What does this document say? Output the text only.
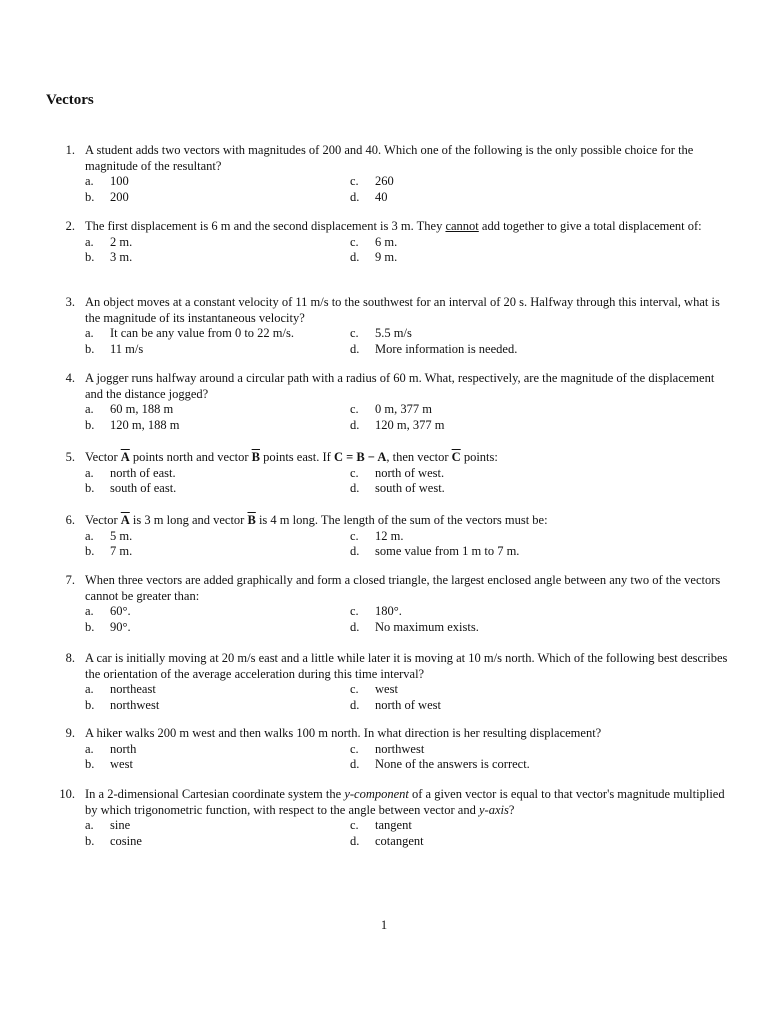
Vectors
1. A student adds two vectors with magnitudes of 200 and 40. Which one of the following is the only possible choice for the magnitude of the resultant?
a. 100	c. 260
b. 200	d. 40
2. The first displacement is 6 m and the second displacement is 3 m. They cannot add together to give a total displacement of:
a. 2 m.	c. 6 m.
b. 3 m.	d. 9 m.
3. An object moves at a constant velocity of 11 m/s to the southwest for an interval of 20 s. Halfway through this interval, what is the magnitude of its instantaneous velocity?
a. It can be any value from 0 to 22 m/s.	c. 5.5 m/s
b. 11 m/s	d. More information is needed.
4. A jogger runs halfway around a circular path with a radius of 60 m. What, respectively, are the magnitude of the displacement and the distance jogged?
a. 60 m, 188 m	c. 0 m, 377 m
b. 120 m, 188 m	d. 120 m, 377 m
5. Vector $\overline{A}$ points north and vector $\overline{B}$ points east. If C = B − A, then vector $\overline{C}$ points:
a. north of east.	c. north of west.
b. south of east.	d. south of west.
6. Vector $\overline{A}$ is 3 m long and vector $\overline{B}$ is 4 m long. The length of the sum of the vectors must be:
a. 5 m.	c. 12 m.
b. 7 m.	d. some value from 1 m to 7 m.
7. When three vectors are added graphically and form a closed triangle, the largest enclosed angle between any two of the vectors cannot be greater than:
a. 60°.	c. 180°.
b. 90°.	d. No maximum exists.
8. A car is initially moving at 20 m/s east and a little while later it is moving at 10 m/s north. Which of the following best describes the orientation of the average acceleration during this time interval?
a. northeast	c. west
b. northwest	d. north of west
9. A hiker walks 200 m west and then walks 100 m north. In what direction is her resulting displacement?
a. north	c. northwest
b. west	d. None of the answers is correct.
10. In a 2-dimensional Cartesian coordinate system the y-component of a given vector is equal to that vector's magnitude multiplied by which trigonometric function, with respect to the angle between vector and y-axis?
a. sine	c. tangent
b. cosine	d. cotangent
1
